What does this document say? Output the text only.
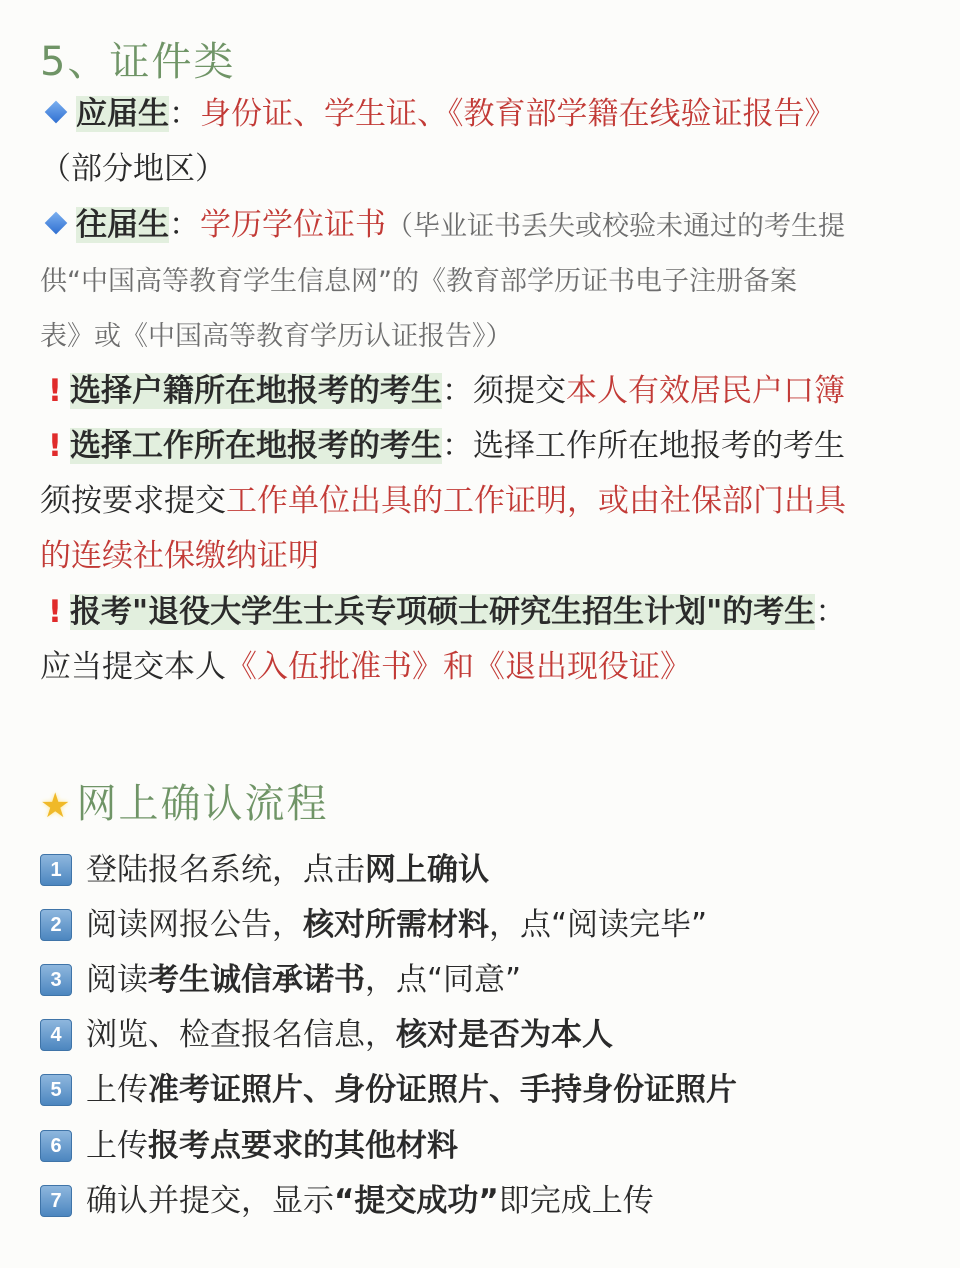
5、证件类
应届生：身份证、学生证、《教育部学籍在线验证报告》
（部分地区）
往届生：学历学位证书（毕业证书丢失或校验未通过的考生提
供“中国高等教育学生信息网”的《教育部学历证书电子注册备案
表》或《中国高等教育学历认证报告》）
! 选择户籍所在地报考的考生：须提交本人有效居民户口簿
! 选择工作所在地报考的考生：选择工作所在地报考的考生
须按要求提交工作单位出具的工作证明，或由社保部门出具
的连续社保缴纳证明
! 报考"退役大学生士兵专项硕士研究生招生计划"的考生：
应当提交本人《入伍批准书》和《退出现役证》
★ 网上确认流程
1 登陆报名系统，点击网上确认
2 阅读网报公告，核对所需材料，点“阅读完毕”
3 阅读考生诚信承诺书，点“同意”
4 浏览、检查报名信息，核对是否为本人
5 上传准考证照片、身份证照片、手持身份证照片
6 上传报考点要求的其他材料
7 确认并提交，显示“提交成功”即完成上传
